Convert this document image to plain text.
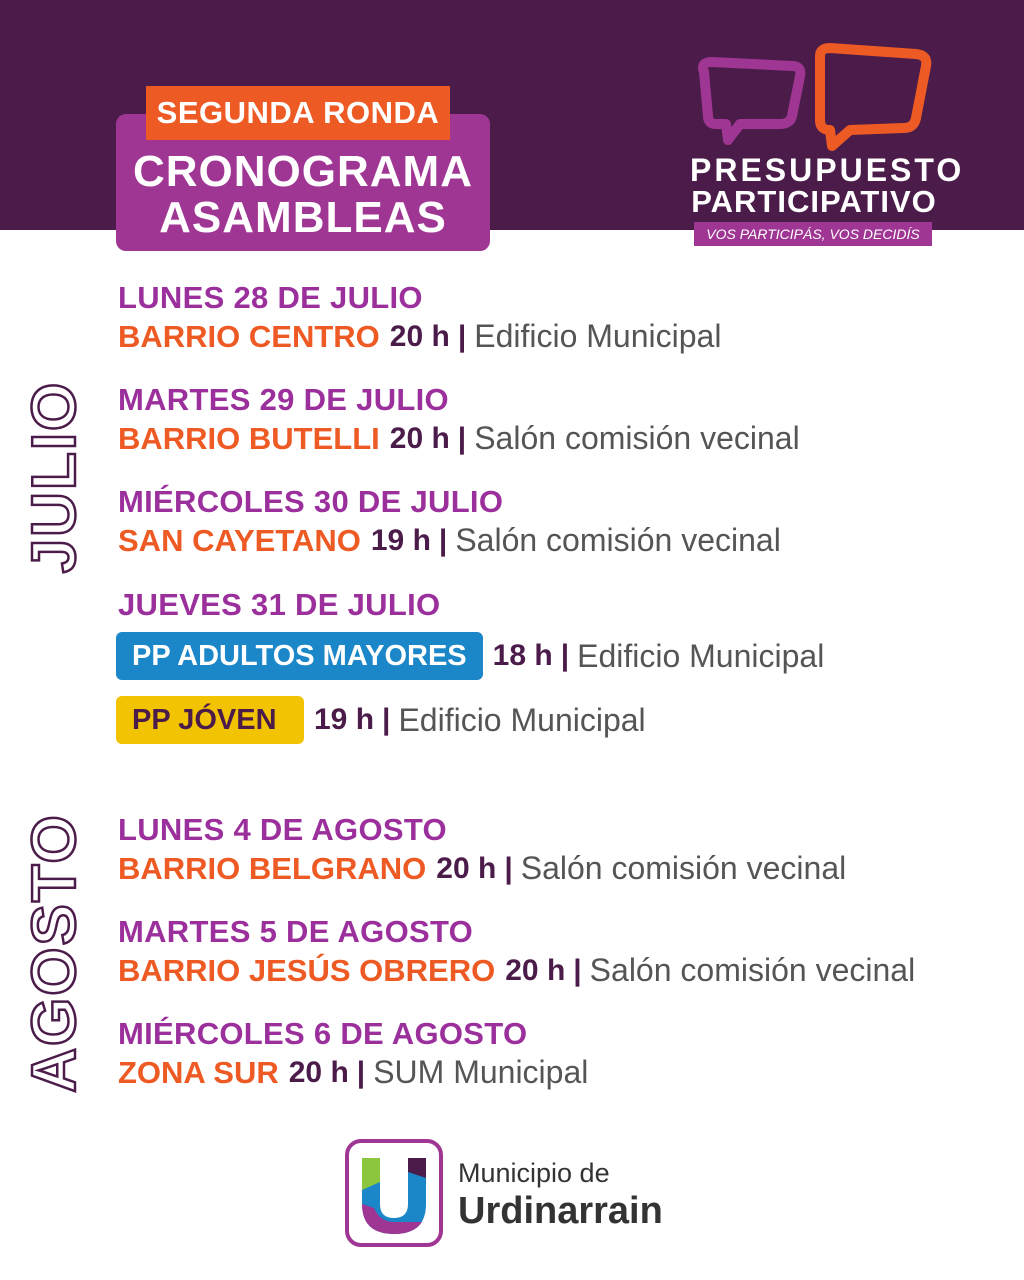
CRONOGRAMA
ASAMBLEAS
SEGUNDA RONDA
PRESUPUESTO
PARTICIPATIVO
VOS PARTICIPÁS, VOS DECIDÍS
JULIO
AGOSTO
LUNES 28 DE JULIO
BARRIO CENTRO 20 h | Edificio Municipal
MARTES 29 DE JULIO
BARRIO BUTELLI 20 h | Salón comisión vecinal
MIÉRCOLES 30 DE JULIO
SAN CAYETANO 19 h | Salón comisión vecinal
JUEVES 31 DE JULIO
PP ADULTOS MAYORES 18 h | Edificio Municipal
PP JÓVEN	19 h | Edificio Municipal
LUNES 4 DE AGOSTO
BARRIO BELGRANO 20 h | Salón comisión vecinal
MARTES 5 DE AGOSTO
BARRIO JESÚS OBRERO 20 h | Salón comisión vecinal
MIÉRCOLES 6 DE AGOSTO
ZONA SUR 20 h | SUM Municipal
Municipio de
Urdinarrain
